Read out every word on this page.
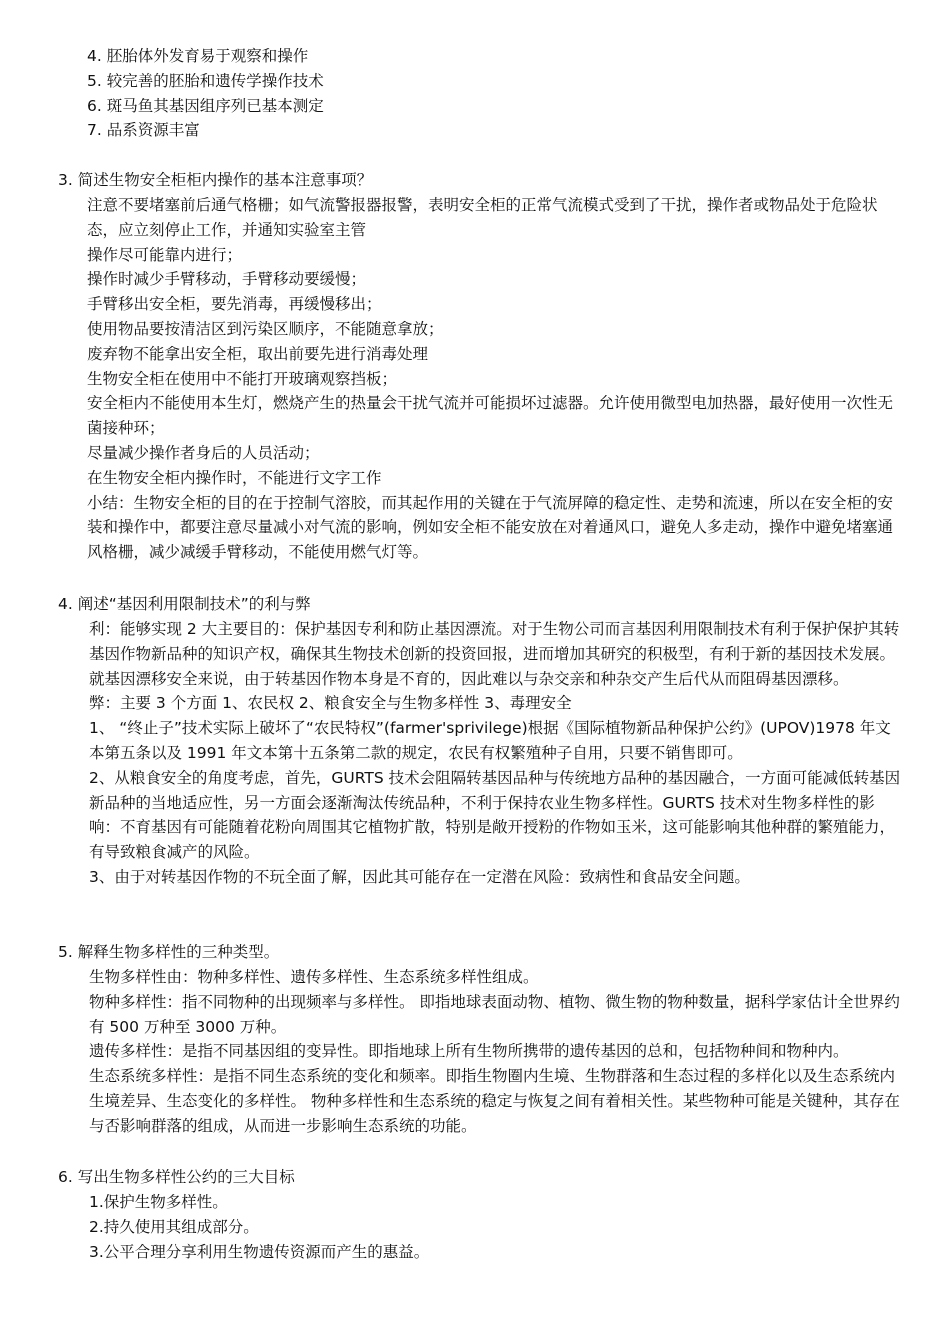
4. 胚胎体外发育易于观察和操作
5. 较完善的胚胎和遗传学操作技术
6. 斑马鱼其基因组序列已基本测定
7. 品系资源丰富
3. 简述生物安全柜柜内操作的基本注意事项？
注意不要堵塞前后通气格栅；如气流警报器报警，表明安全柜的正常气流模式受到了干扰，操作者或物品处于危险状态，应立刻停止工作，并通知实验室主管
操作尽可能靠内进行；
操作时减少手臂移动，手臂移动要缓慢；
手臂移出安全柜，要先消毒，再缓慢移出；
使用物品要按清洁区到污染区顺序，不能随意拿放；
废弃物不能拿出安全柜，取出前要先进行消毒处理
生物安全柜在使用中不能打开玻璃观察挡板；
安全柜内不能使用本生灯，燃烧产生的热量会干扰气流并可能损坏过滤器。允许使用微型电加热器，最好使用一次性无菌接种环；
尽量减少操作者身后的人员活动；
在生物安全柜内操作时，不能进行文字工作
小结：生物安全柜的目的在于控制气溶胶，而其起作用的关键在于气流屏障的稳定性、走势和流速，所以在安全柜的安装和操作中，都要注意尽量减小对气流的影响，例如安全柜不能安放在对着通风口，避免人多走动，操作中避免堵塞通风格栅，减少减缓手臂移动，不能使用燃气灯等。
4. 阐述“基因利用限制技术”的利与弊
利：能够实现 2 大主要目的：保护基因专利和防止基因漂流。对于生物公司而言基因利用限制技术有利于保护保护其转基因作物新品种的知识产权，确保其生物技术创新的投资回报，进而增加其研究的积极型，有利于新的基因技术发展。就基因漂移安全来说，由于转基因作物本身是不育的，因此难以与杂交亲和种杂交产生后代从而阻碍基因漂移。
弊：主要 3 个方面 1、农民权 2、粮食安全与生物多样性 3、毒理安全
1、 “终止子”技术实际上破坏了“农民特权”(farmer'sprivilege)根据《国际植物新品种保护公约》(UPOV)1978 年文本第五条以及 1991 年文本第十五条第二款的规定，农民有权繁殖种子自用，只要不销售即可。
2、从粮食安全的角度考虑，首先，GURTS 技术会阻隔转基因品种与传统地方品种的基因融合，一方面可能减低转基因新品种的当地适应性，另一方面会逐渐淘汰传统品种，不利于保持农业生物多样性。GURTS 技术对生物多样性的影响：不育基因有可能随着花粉向周围其它植物扩散，特别是敞开授粉的作物如玉米，这可能影响其他种群的繁殖能力，有导致粮食减产的风险。
3、由于对转基因作物的不玩全面了解，因此其可能存在一定潜在风险：致病性和食品安全问题。
5. 解释生物多样性的三种类型。
生物多样性由：物种多样性、遗传多样性、生态系统多样性组成。
物种多样性：指不同物种的出现频率与多样性。 即指地球表面动物、植物、微生物的物种数量，据科学家估计全世界约有 500 万种至 3000 万种。
遗传多样性：是指不同基因组的变异性。即指地球上所有生物所携带的遗传基因的总和，包括物种间和物种内。
生态系统多样性：是指不同生态系统的变化和频率。即指生物圈内生境、生物群落和生态过程的多样化以及生态系统内生境差异、生态变化的多样性。 物种多样性和生态系统的稳定与恢复之间有着相关性。某些物种可能是关键种，其存在与否影响群落的组成，从而进一步影响生态系统的功能。
6. 写出生物多样性公约的三大目标
1.保护生物多样性。
2.持久使用其组成部分。
3.公平合理分享利用生物遗传资源而产生的惠益。
